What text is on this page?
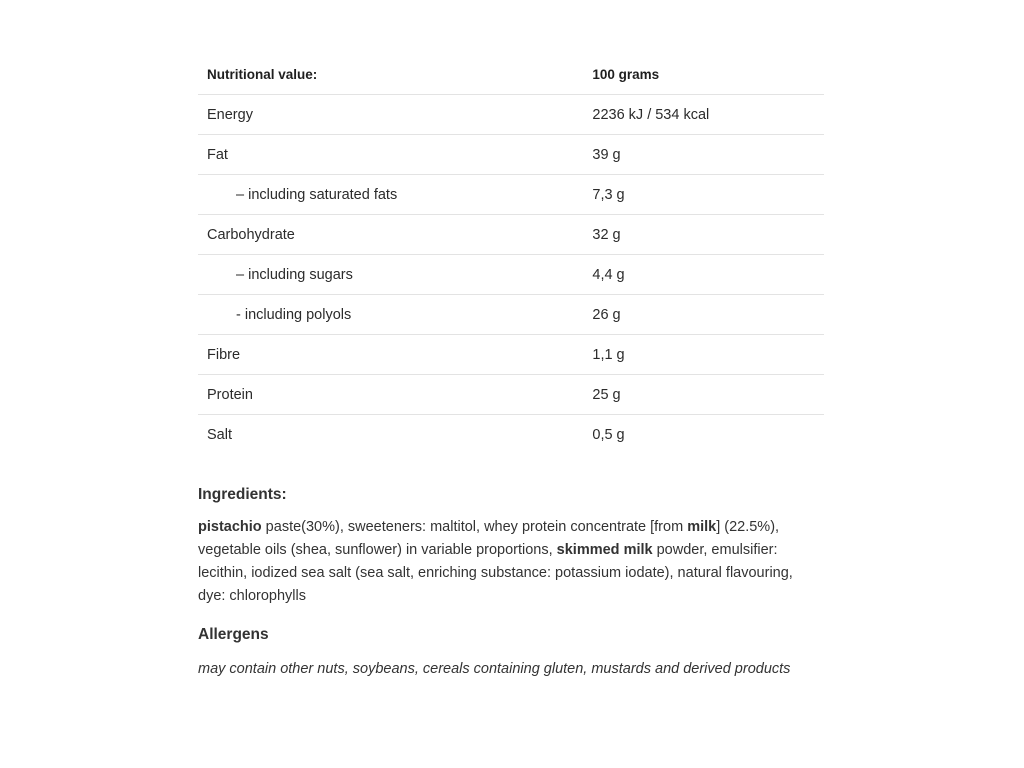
Nutritional value:	100 grams
Energy	2236 kJ / 534 kcal
Fat	39 g
– including saturated fats	7,3 g
Carbohydrate	32 g
– including sugars	4,4 g
- including polyols	26 g
Fibre	1,1 g
Protein	25 g
Salt	0,5 g
Ingredients:

pistachio paste(30%), sweeteners: maltitol, whey protein concentrate [from milk] (22.5%), vegetable oils (shea, sunflower) in variable proportions, skimmed milk powder, emulsifier: lecithin, iodized sea salt (sea salt, enriching substance: potassium iodate), natural flavouring, dye: chlorophylls

Allergens

may contain other nuts, soybeans, cereals containing gluten, mustards and derived products
